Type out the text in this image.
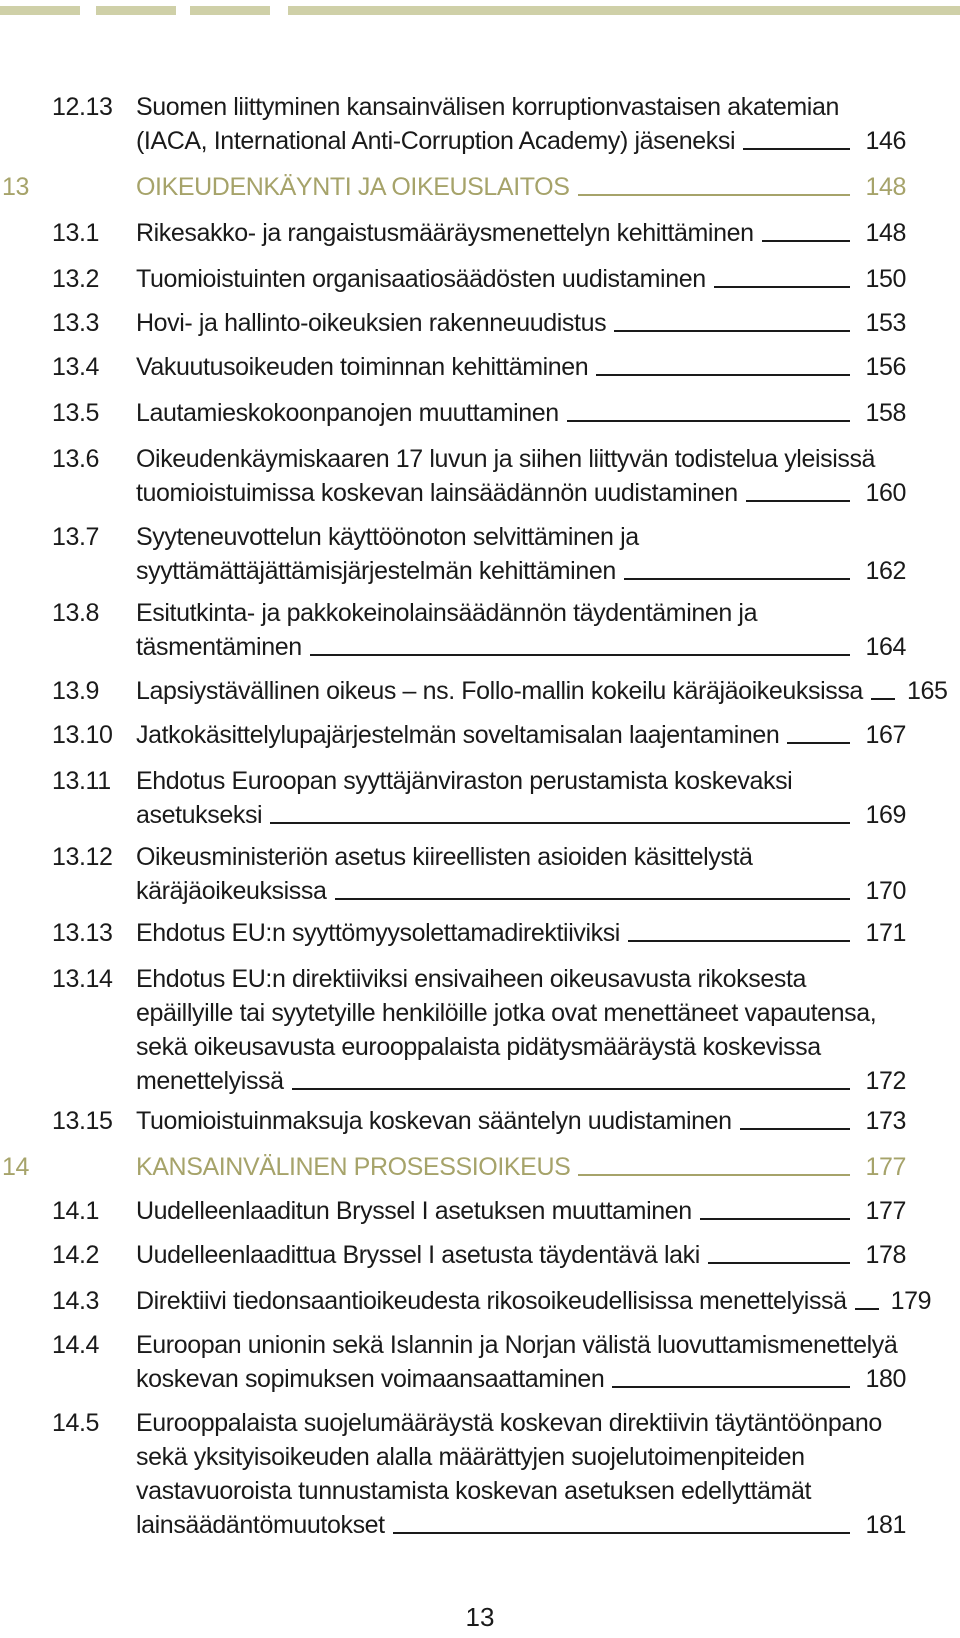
12.13 Suomen liittyminen kansainvälisen korruptionvastaisen akatemian
(IACA, International Anti-Corruption Academy) jäseneksi	146
13	OIKEUDENKÄYNTI JA OIKEUSLAITOS	148
13.1 Rikesakko- ja rangaistusmääräysmenettelyn kehittäminen	148
13.2 Tuomioistuinten organisaatiosäädösten uudistaminen	150
13.3 Hovi- ja hallinto-oikeuksien rakenneuudistus	153
13.4 Vakuutusoikeuden toiminnan kehittäminen	156
13.5 Lautamieskokoonpanojen muuttaminen	158
13.6 Oikeudenkäymiskaaren 17 luvun ja siihen liittyvän todistelua yleisissä
tuomioistuimissa koskevan lainsäädännön uudistaminen	160
13.7 Syyteneuvottelun käyttöönoton selvittäminen ja
syyttämättäjättämisjärjestelmän kehittäminen	162
13.8 Esitutkinta- ja pakkokeinolainsäädännön täydentäminen ja
täsmentäminen	164
13.9 Lapsiystävällinen oikeus – ns. Follo-mallin kokeilu käräjäoikeuksissa 165
13.10 Jatkokäsittelylupajärjestelmän soveltamisalan laajentaminen	167
13.11 Ehdotus Euroopan syyttäjänviraston perustamista koskevaksi
asetukseksi	169
13.12 Oikeusministeriön asetus kiireellisten asioiden käsittelystä
käräjäoikeuksissa	170
13.13 Ehdotus EU:n syyttömyysolettamadirektiiviksi	171
13.14 Ehdotus EU:n direktiiviksi ensivaiheen oikeusavusta rikoksesta
epäillyille tai syytetyille henkilöille jotka ovat menettäneet vapautensa,
sekä oikeusavusta eurooppalaista pidätysmääräystä koskevissa
menettelyissä	172
13.15 Tuomioistuinmaksuja koskevan sääntelyn uudistaminen	173
14	KANSAINVÄLINEN PROSESSIOIKEUS	177
14.1 Uudelleenlaaditun Bryssel I asetuksen muuttaminen	177
14.2 Uudelleenlaadittua Bryssel I asetusta täydentävä laki	178
14.3 Direktiivi tiedonsaantioikeudesta rikosoikeudellisissa menettelyissä 179
14.4 Euroopan unionin sekä Islannin ja Norjan välistä luovuttamismenettelyä
koskevan sopimuksen voimaansaattaminen	180
14.5 Eurooppalaista suojelumääräystä koskevan direktiivin täytäntöönpano
sekä yksityisoikeuden alalla määrättyjen suojelutoimenpiteiden
vastavuoroista tunnustamista koskevan asetuksen edellyttämät
lainsäädäntömuutokset	181
13
